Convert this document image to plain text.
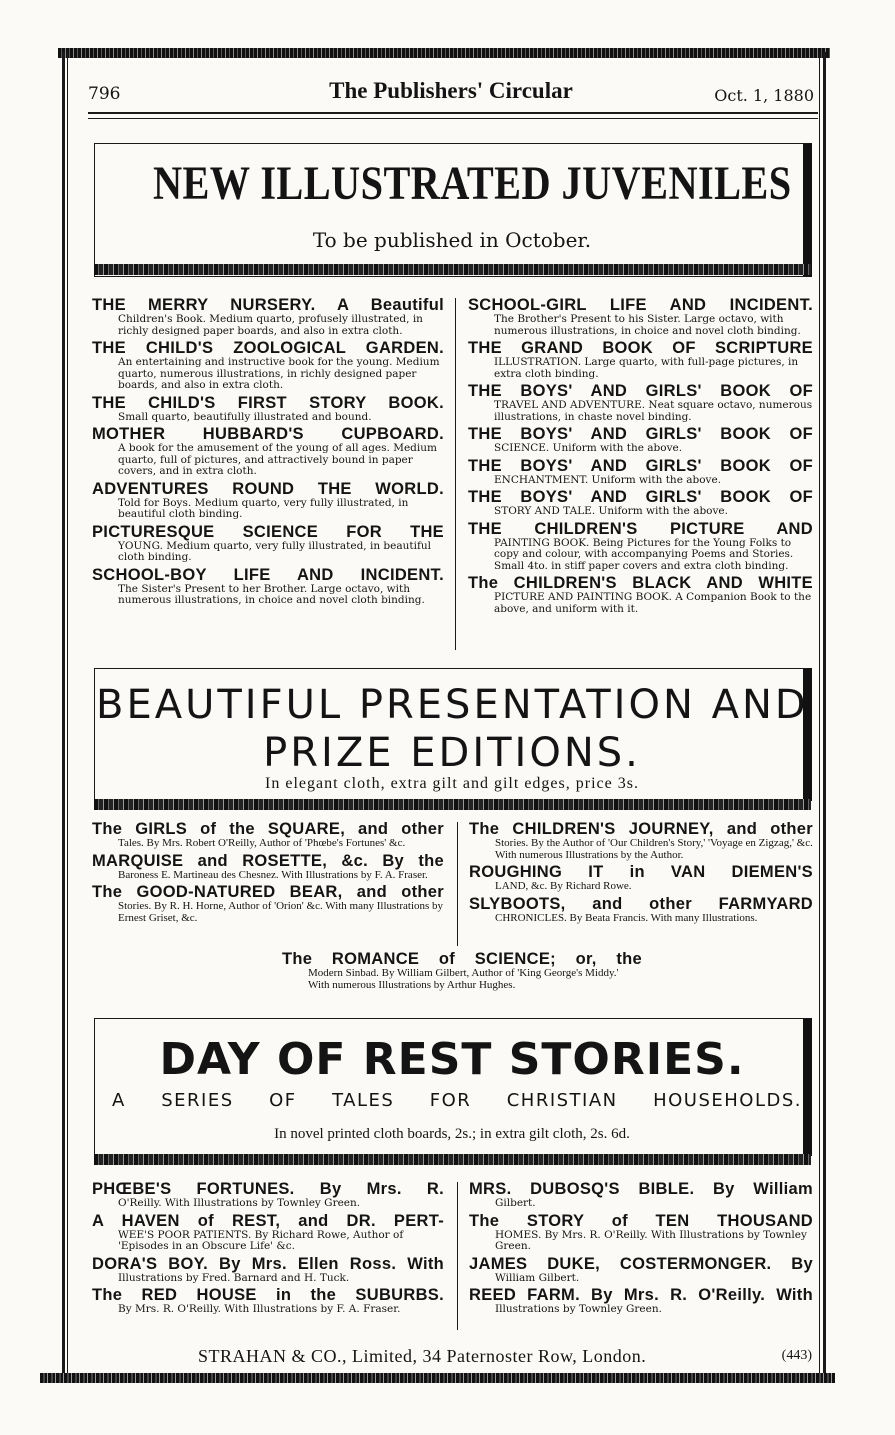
796	The Publishers' Circular	Oct. 1, 1880
NEW ILLUSTRATED JUVENILES
To be published in October.
THE MERRY NURSERY. A Beautiful
Children's Book. Medium quarto, profusely illustrated, in richly designed paper boards, and also in extra cloth.
THE CHILD'S ZOOLOGICAL GARDEN.
An entertaining and instructive book for the young. Medium quarto, numerous illustrations, in richly designed paper boards, and also in extra cloth.
THE CHILD'S FIRST STORY BOOK.
Small quarto, beautifully illustrated and bound.
MOTHER HUBBARD'S CUPBOARD.
A book for the amusement of the young of all ages. Medium quarto, full of pictures, and attractively bound in paper covers, and in extra cloth.
ADVENTURES ROUND THE WORLD.
Told for Boys. Medium quarto, very fully illustrated, in beautiful cloth binding.
PICTURESQUE SCIENCE FOR THE
YOUNG. Medium quarto, very fully illustrated, in beautiful cloth binding.
SCHOOL-BOY LIFE AND INCIDENT.
The Sister's Present to her Brother. Large octavo, with numerous illustrations, in choice and novel cloth binding.
SCHOOL-GIRL LIFE AND INCIDENT.
The Brother's Present to his Sister. Large octavo, with numerous illustrations, in choice and novel cloth binding.
THE GRAND BOOK OF SCRIPTURE
ILLUSTRATION. Large quarto, with full-page pictures, in extra cloth binding.
THE BOYS' AND GIRLS' BOOK OF
TRAVEL AND ADVENTURE. Neat square octavo, numerous illustrations, in chaste novel binding.
THE BOYS' AND GIRLS' BOOK OF
SCIENCE. Uniform with the above.
THE BOYS' AND GIRLS' BOOK OF
ENCHANTMENT. Uniform with the above.
THE BOYS' AND GIRLS' BOOK OF
STORY AND TALE. Uniform with the above.
THE CHILDREN'S PICTURE AND
PAINTING BOOK. Being Pictures for the Young Folks to copy and colour, with accompanying Poems and Stories. Small 4to. in stiff paper covers and extra cloth binding.
The CHILDREN'S BLACK AND WHITE
PICTURE AND PAINTING BOOK. A Companion Book to the above, and uniform with it.
BEAUTIFUL PRESENTATION AND
PRIZE EDITIONS.
In elegant cloth, extra gilt and gilt edges, price 3s.
The GIRLS of the SQUARE, and other
Tales. By Mrs. Robert O'Reilly, Author of 'Phœbe's Fortunes' &c.
MARQUISE and ROSETTE, &c. By the
Baroness E. Martineau des Chesnez. With Illustrations by F. A. Fraser.
The GOOD-NATURED BEAR, and other
Stories. By R. H. Horne, Author of 'Orion' &c. With many Illustrations by Ernest Griset, &c.
The CHILDREN'S JOURNEY, and other
Stories. By the Author of 'Our Children's Story,' 'Voyage en Zigzag,' &c. With numerous Illustrations by the Author.
ROUGHING IT in VAN DIEMEN'S
LAND, &c. By Richard Rowe.
SLYBOOTS, and other FARMYARD
CHRONICLES. By Beata Francis. With many Illustrations.
The ROMANCE of SCIENCE; or, the
Modern Sinbad. By William Gilbert, Author of 'King George's Middy.' With numerous Illustrations by Arthur Hughes.
DAY OF REST STORIES.
A SERIES OF TALES FOR CHRISTIAN HOUSEHOLDS.
In novel printed cloth boards, 2s.; in extra gilt cloth, 2s. 6d.
PHŒBE'S FORTUNES. By Mrs. R.
O'Reilly. With Illustrations by Townley Green.
A HAVEN of REST, and DR. PERT-
WEE'S POOR PATIENTS. By Richard Rowe, Author of 'Episodes in an Obscure Life' &c.
DORA'S BOY. By Mrs. Ellen Ross. With
Illustrations by Fred. Barnard and H. Tuck.
The RED HOUSE in the SUBURBS.
By Mrs. R. O'Reilly. With Illustrations by F. A. Fraser.
MRS. DUBOSQ'S BIBLE. By William
Gilbert.
The STORY of TEN THOUSAND
HOMES. By Mrs. R. O'Reilly. With Illustrations by Townley Green.
JAMES DUKE, COSTERMONGER. By
William Gilbert.
REED FARM. By Mrs. R. O'Reilly. With
Illustrations by Townley Green.
STRAHAN & CO., Limited, 34 Paternoster Row, London.	(443)
